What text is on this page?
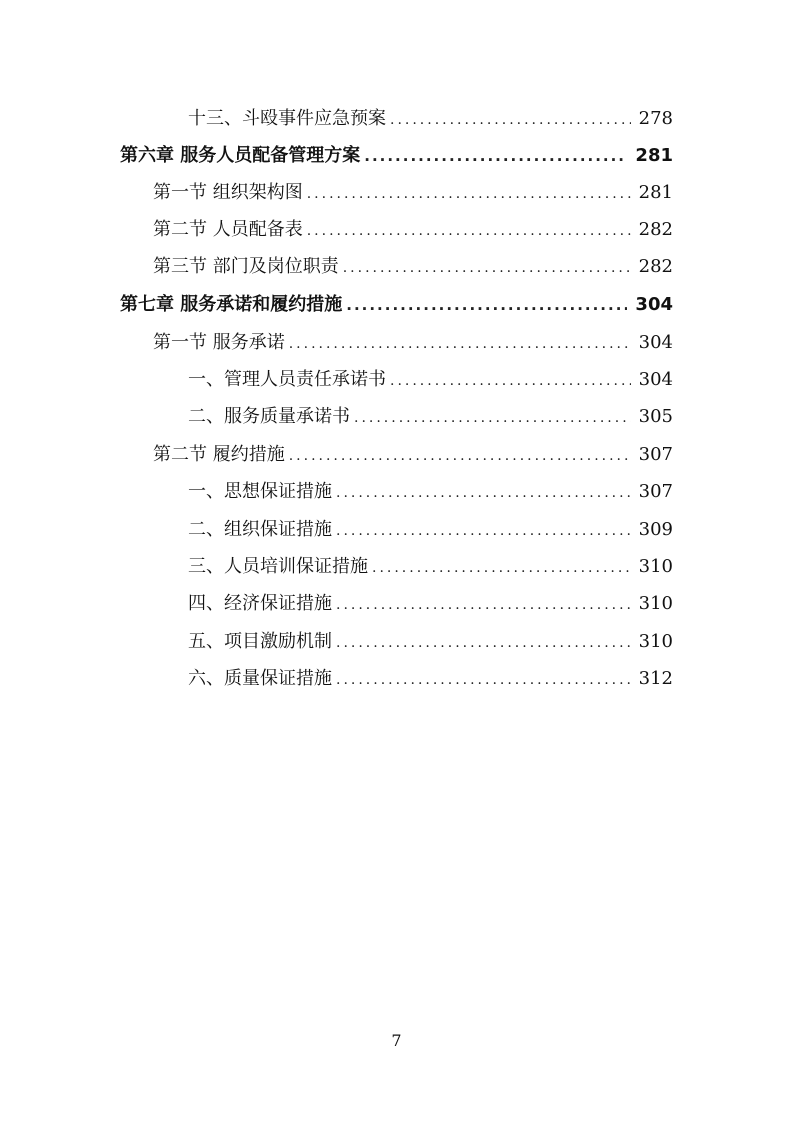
十三、斗殴事件应急预案 .....	278
第六章 服务人员配备管理方案 .....	281
第一节 组织架构图 .....	281
第二节 人员配备表 .....	282
第三节 部门及岗位职责 .....	282
第七章 服务承诺和履约措施 .....	304
第一节 服务承诺 .....	304
一、管理人员责任承诺书 .....	304
二、服务质量承诺书 .....	305
第二节 履约措施 .....	307
一、思想保证措施 .....	307
二、组织保证措施 .....	309
三、人员培训保证措施 .....	310
四、经济保证措施 .....	310
五、项目激励机制 .....	310
六、质量保证措施 .....	312
7
